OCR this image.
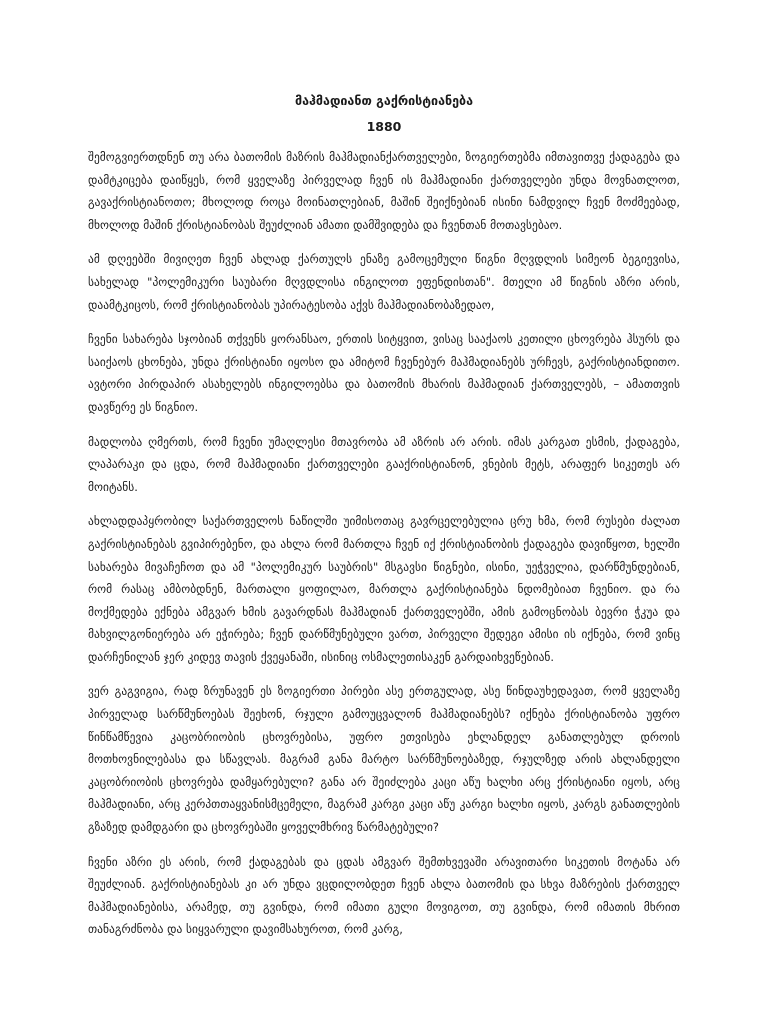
მაჰმადიანთ გაქრისტიანება
1880

შემოგვიერთდნენ თუ არა ბათომის მაზრის მაჰმადიანქართველები, ზოგიერთებმა იმთავითვე ქადაგება და დამტკიცება დაიწყეს, რომ ყველაზე პირველად ჩვენ ის მაჰმადიანი ქართველები უნდა მოვნათლოთ, გავაქრისტიანოთო; მხოლოდ როცა მოინათლებიან, მაშინ შეიქნებიან ისინი ნამდვილ ჩვენ მოძმეებად, მხოლოდ მაშინ ქრისტიანობას შეუძლიან ამათი დამშვიდება და ჩვენთან მოთავსებაო.

ამ დღეებში მივიღეთ ჩვენ ახლად ქართულს ენაზე გამოცემული წიგნი მღვდლის სიმეონ ბეგიევისა, სახელად "პოლემიკური საუბარი მღვდლისა ინგილოთ ეფენდისთან". მთელი ამ წიგნის აზრი არის, დაამტკიცოს, რომ ქრისტიანობას უპირატესობა აქვს მაჰმადიანობაზედაო,

ჩვენი სახარება სჯობიან თქვენს ყორანსაო, ერთის სიტყვით, ვისაც სააქაოს კეთილი ცხოვრება ჰსურს და საიქაოს ცხონება, უნდა ქრისტიანი იყოსო და ამიტომ ჩვენებურ მაჰმადიანებს ურჩევს, გაქრისტიანდითო. ავტორი პირდაპირ ასახელებს ინგილოებსა და ბათომის მხარის მაჰმადიან ქართველებს, – ამათთვის დავწერე ეს წიგნიო.

მადლობა ღმერთს, რომ ჩვენი უმაღლესი მთავრობა ამ აზრის არ არის. იმას კარგათ ესმის, ქადაგება, ლაპარაკი და ცდა, რომ მაჰმადიანი ქართველები გააქრისტიანონ, ვნების მეტს, არაფერ სიკეთეს არ მოიტანს.

ახლადდაპყრობილ საქართველოს ნაწილში უიმისოთაც გავრცელებულია ცრუ ხმა, რომ რუსები ძალათ გაქრისტიანებას გვიპირებენო, და ახლა რომ მართლა ჩვენ იქ ქრისტიანობის ქადაგება დავიწყოთ, ხელში სახარება მივაჩეჩოთ და ამ "პოლემიკურ საუბრის" მსგავსი წიგნები, ისინი, უეჭველია, დარწმუნდებიან, რომ რასაც ამბობდნენ, მართალი ყოფილაო, მართლა გაქრისტიანება ნდომებიათ ჩვენიო. და რა მოქმედება ექნება ამგვარ ხმის გავარდნას მაჰმადიან ქართველებში, ამის გამოცნობას ბევრი ჭკუა და მახვილგონიერება არ ეჭირება; ჩვენ დარწმუნებული ვართ, პირველი შედეგი ამისი ის იქნება, რომ ვინც დარჩენილან ჯერ კიდევ თავის ქვეყანაში, ისინიც ოსმალეთისაკენ გარდაიხვეწებიან.

ვერ გაგვიგია, რად ზრუნავენ ეს ზოგიერთი პირები ასე ერთგულად, ასე წინდაუხედავათ, რომ ყველაზე პირველად სარწმუნოებას შეეხონ, რჯული გამოუცვალონ მაჰმადიანებს? იქნება ქრისტიანობა უფრო წინწამწევია კაცობრიობის ცხოვრებისა, უფრო ეთვისება ეხლანდელ განათლებულ დროის მოთხოვნილებასა და სწავლას. მაგრამ განა მარტო სარწმუნოებაზედ, რჯულზედ არის ახლანდელი კაცობრიობის ცხოვრება დამყარებული? განა არ შეიძლება კაცი აწუ ხალხი არც ქრისტიანი იყოს, არც მაჰმადიანი, არც კერპთთაყვანისმცემელი, მაგრამ კარგი კაცი აწუ კარგი ხალხი იყოს, კარგს განათლების გზაზედ დამდგარი და ცხოვრებაში ყოველმხრივ წარმატებული?

ჩვენი აზრი ეს არის, რომ ქადაგებას და ცდას ამგვარ შემთხვევაში არავითარი სიკეთის მოტანა არ შეუძლიან. გაქრისტიანებას კი არ უნდა ვცდილობდეთ ჩვენ ახლა ბათომის და სხვა მაზრების ქართველ მაჰმადიანებისა, არამედ, თუ გვინდა, რომ იმათი გული მოვიგოთ, თუ გვინდა, რომ იმათის მხრით თანაგრძნობა და სიყვარული დავიმსახუროთ, რომ კარგ,
